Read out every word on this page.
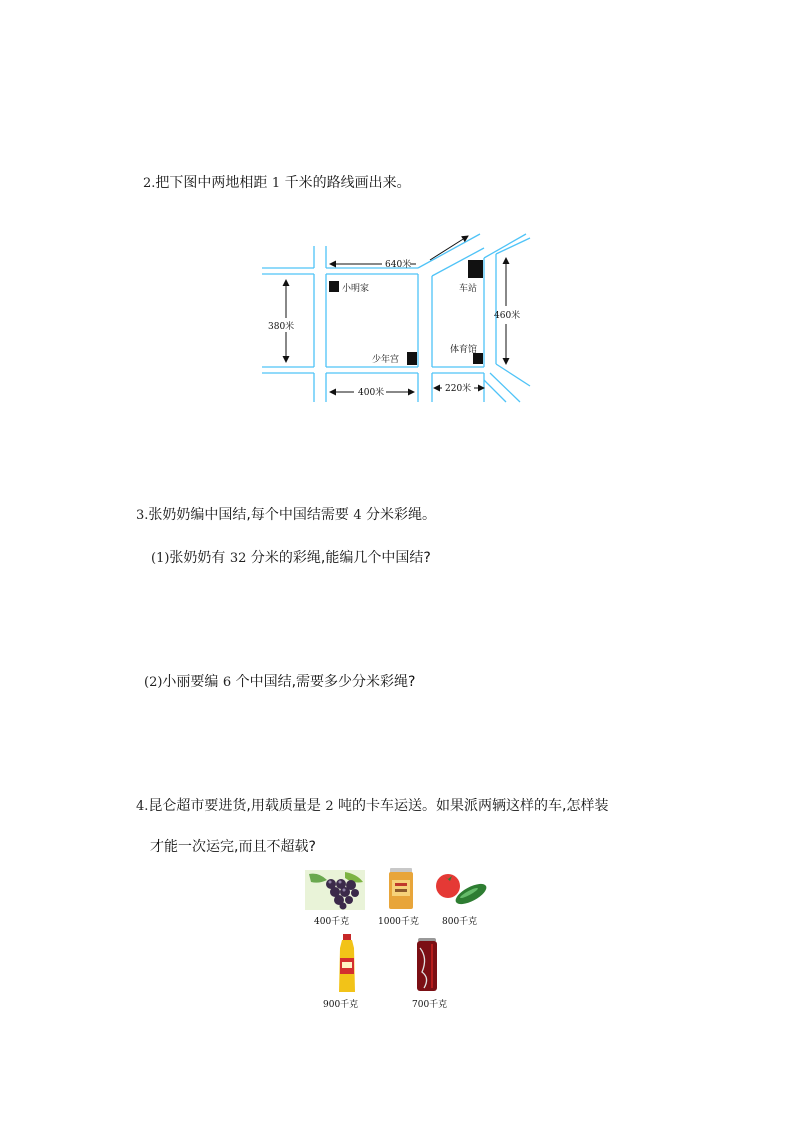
2.把下图中两地相距 1 千米的路线画出来。
640米
380米
460米
400米	220米
小明家	车站
少年宫
体育馆
3.张奶奶编中国结,每个中国结需要 4 分米彩绳。
(1)张奶奶有 32 分米的彩绳,能编几个中国结?
(2)小丽要编 6 个中国结,需要多少分米彩绳?
4.昆仑超市要进货,用载质量是 2 吨的卡车运送。如果派两辆这样的车,怎样装
才能一次运完,而且不超载?
400千克	1000千克	800千克
900千克	700千克
